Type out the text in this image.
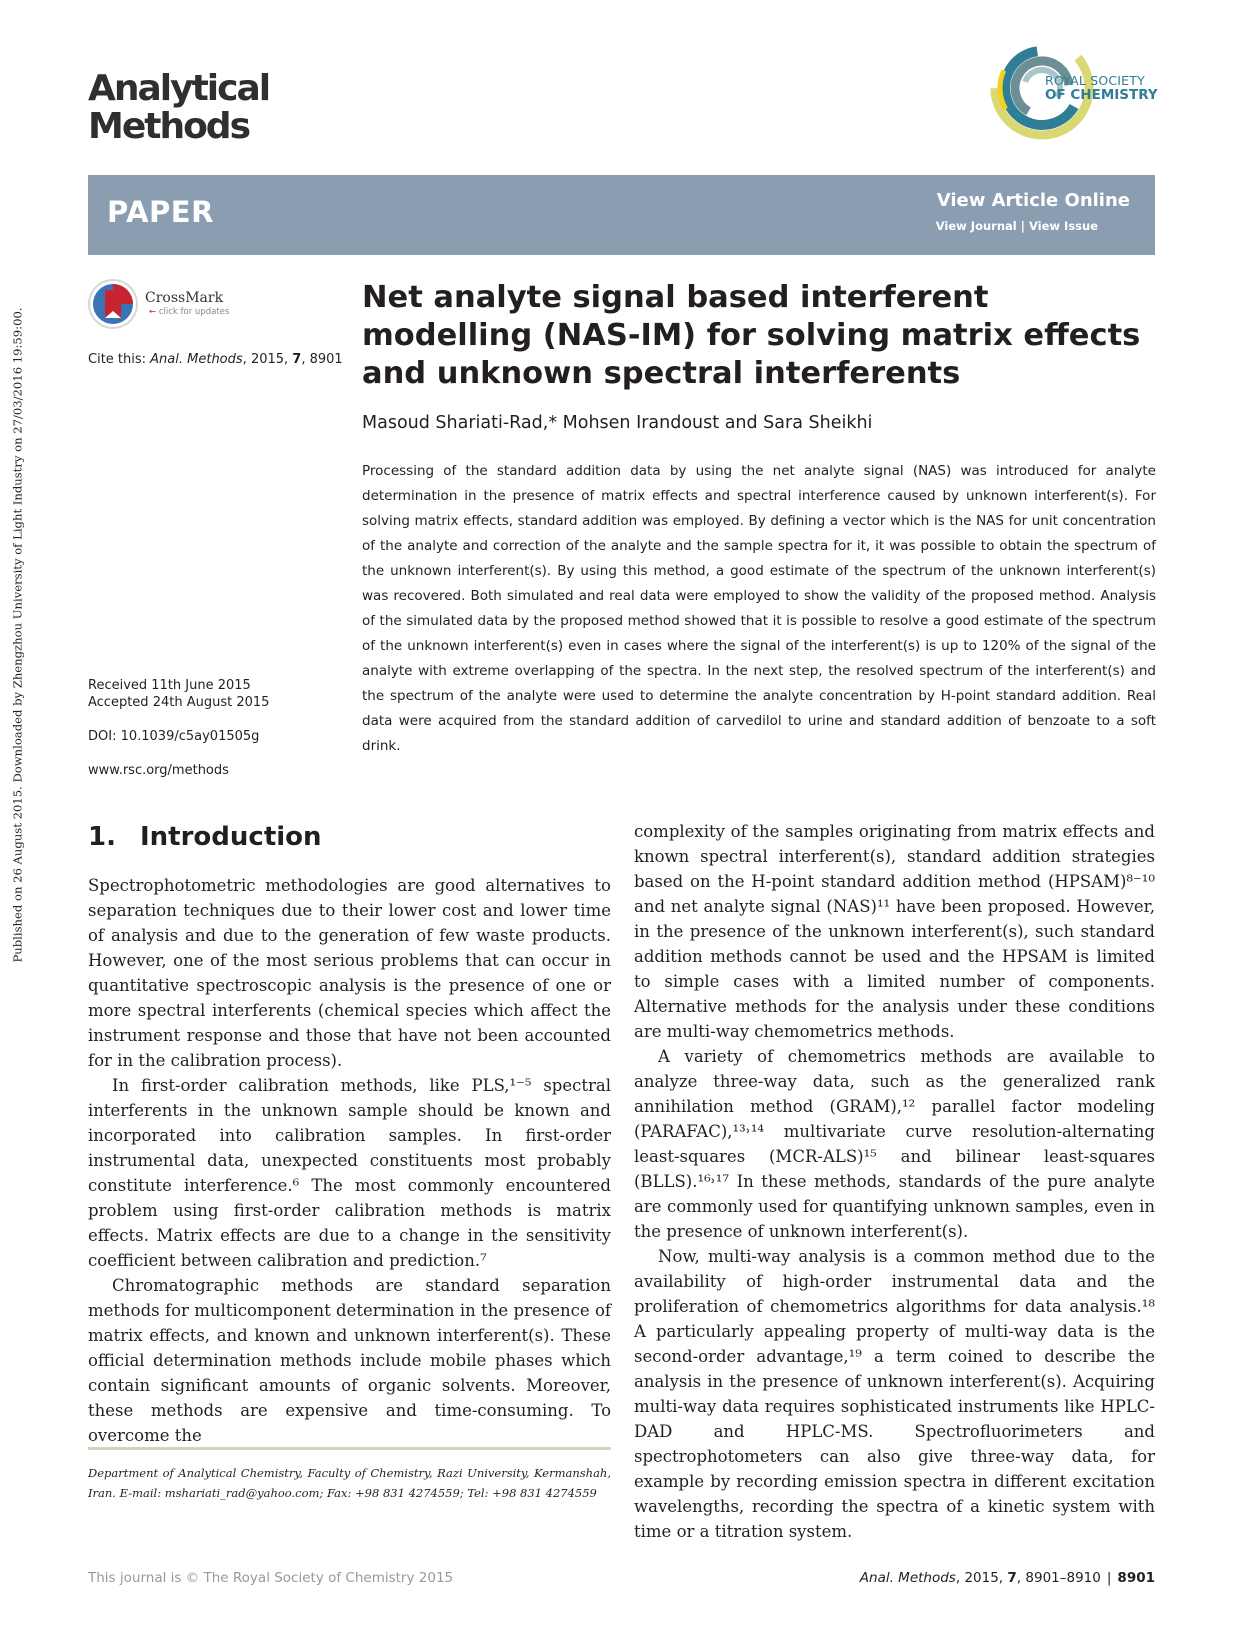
Published on 26 August 2015. Downloaded by Zhengzhou University of Light Industry on 27/03/2016 19:59:00.
Analytical
Methods
ROYAL SOCIETY
OF CHEMISTRY
PAPER	View Article Online
View Journal | View Issue
CrossMark
← click for updates
Cite this: Anal. Methods, 2015, 7, 8901
Received 11th June 2015
Accepted 24th August 2015
DOI: 10.1039/c5ay01505g
www.rsc.org/methods
Net analyte signal based interferent modelling (NAS-IM) for solving matrix effects and unknown spectral interferents
Masoud Shariati-Rad,* Mohsen Irandoust and Sara Sheikhi

Processing of the standard addition data by using the net analyte signal (NAS) was introduced for analyte determination in the presence of matrix effects and spectral interference caused by unknown interferent(s). For solving matrix effects, standard addition was employed. By defining a vector which is the NAS for unit concentration of the analyte and correction of the analyte and the sample spectra for it, it was possible to obtain the spectrum of the unknown interferent(s). By using this method, a good estimate of the spectrum of the unknown interferent(s) was recovered. Both simulated and real data were employed to show the validity of the proposed method. Analysis of the simulated data by the proposed method showed that it is possible to resolve a good estimate of the spectrum of the unknown interferent(s) even in cases where the signal of the interferent(s) is up to 120% of the signal of the analyte with extreme overlapping of the spectra. In the next step, the resolved spectrum of the interferent(s) and the spectrum of the analyte were used to determine the analyte concentration by H-point standard addition. Real data were acquired from the standard addition of carvedilol to urine and standard addition of benzoate to a soft drink.

1. Introduction

Spectrophotometric methodologies are good alternatives to separation techniques due to their lower cost and lower time of analysis and due to the generation of few waste products. However, one of the most serious problems that can occur in quantitative spectroscopic analysis is the presence of one or more spectral interferents (chemical species which affect the instrument response and those that have not been accounted for in the calibration process).

In first-order calibration methods, like PLS,¹⁻⁵ spectral interferents in the unknown sample should be known and incorporated into calibration samples. In first-order instrumental data, unexpected constituents most probably constitute interference.⁶ The most commonly encountered problem using first-order calibration methods is matrix effects. Matrix effects are due to a change in the sensitivity coefficient between calibration and prediction.⁷

Chromatographic methods are standard separation methods for multicomponent determination in the presence of matrix effects, and known and unknown interferent(s). These official determination methods include mobile phases which contain significant amounts of organic solvents. Moreover, these methods are expensive and time-consuming. To overcome the

complexity of the samples originating from matrix effects and known spectral interferent(s), standard addition strategies based on the H-point standard addition method (HPSAM)⁸⁻¹⁰ and net analyte signal (NAS)¹¹ have been proposed. However, in the presence of the unknown interferent(s), such standard addition methods cannot be used and the HPSAM is limited to simple cases with a limited number of components. Alternative methods for the analysis under these conditions are multi-way chemometrics methods.

A variety of chemometrics methods are available to analyze three-way data, such as the generalized rank annihilation method (GRAM),¹² parallel factor modeling (PARAFAC),¹³˒¹⁴ multivariate curve resolution-alternating least-squares (MCR-ALS)¹⁵ and bilinear least-squares (BLLS).¹⁶˒¹⁷ In these methods, standards of the pure analyte are commonly used for quantifying unknown samples, even in the presence of unknown interferent(s).

Now, multi-way analysis is a common method due to the availability of high-order instrumental data and the proliferation of chemometrics algorithms for data analysis.¹⁸ A particularly appealing property of multi-way data is the second-order advantage,¹⁹ a term coined to describe the analysis in the presence of unknown interferent(s). Acquiring multi-way data requires sophisticated instruments like HPLC-DAD and HPLC-MS. Spectrofluorimeters and spectrophotometers can also give three-way data, for example by recording emission spectra in different excitation wavelengths, recording the spectra of a kinetic system with time or a titration system.

Department of Analytical Chemistry, Faculty of Chemistry, Razi University, Kermanshah, Iran. E-mail: mshariati_rad@yahoo.com; Fax: +98 831 4274559; Tel: +98 831 4274559
This journal is © The Royal Society of Chemistry 2015	Anal. Methods, 2015, 7, 8901–8910 | 8901
